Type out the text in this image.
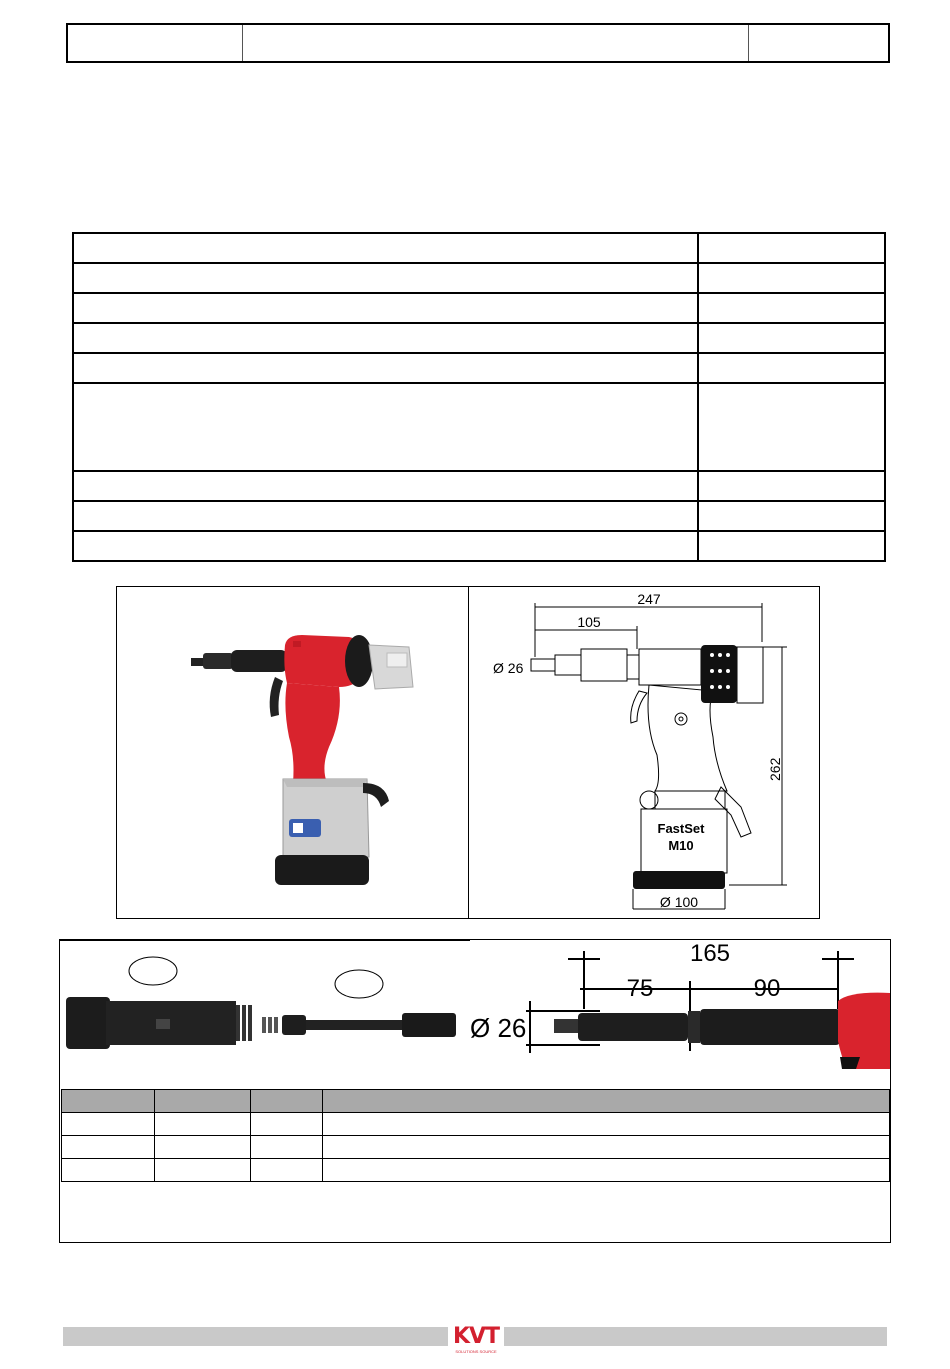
247
105
Ø 26
262
FastSet
M10
Ø 100
165
75	90
Ø 26

KVT
SOLUTIONS SOURCE
